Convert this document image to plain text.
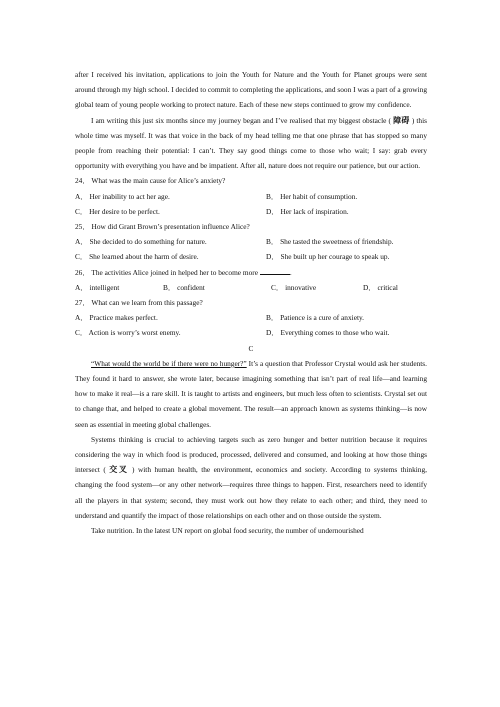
after I received his invitation, applications to join the Youth for Nature and the Youth for Planet groups were sent around through my high school. I decided to commit to completing the applications, and soon I was a part of a growing global team of young people working to protect nature. Each of these new steps continued to grow my confidence.

I am writing this just six months since my journey began and I’ve realised that my biggest obstacle ( 障碍 ) this whole time was myself. It was that voice in the back of my head telling me that one phrase that has stopped so many people from reaching their potential: I can’t. They say good things come to those who wait; I say: grab every opportunity with everything you have and be impatient. After all, nature does not require our patience, but our action.

24． What was the main cause for Alice’s anxiety?

A． Her inability to act her age.	B． Her habit of consumption.
C． Her desire to be perfect.	D． Her lack of inspiration.

25． How did Grant Brown’s presentation influence Alice?

A． She decided to do something for nature.	B． She tasted the sweetness of friendship.
C． She learned about the harm of desire.	D． She built up her courage to speak up.

26． The activities Alice joined in helped her to become more	.

A． intelligent	B． confident	C． innovative	D． critical

27． What can we learn from this passage?

A． Practice makes perfect.	B． Patience is a cure of anxiety.
C． Action is worry’s worst enemy.	D． Everything comes to those who wait.

C

“What would the world be if there were no hunger?” It’s a question that Professor Crystal would ask her students. They found it hard to answer, she wrote later, because imagining something that isn’t part of real life—and learning how to make it real—is a rare skill. It is taught to artists and engineers, but much less often to scientists. Crystal set out to change that, and helped to create a global movement. The result—an approach known as systems thinking—is now seen as essential in meeting global challenges.

Systems thinking is crucial to achieving targets such as zero hunger and better nutrition because it requires considering the way in which food is produced, processed, delivered and consumed, and looking at how those things intersect ( 交叉 ) with human health, the environment, economics and society. According to systems thinking, changing the food system—or any other network—requires three things to happen. First, researchers need to identify all the players in that system; second, they must work out how they relate to each other; and third, they need to understand and quantify the impact of those relationships on each other and on those outside the system.

Take nutrition. In the latest UN report on global food security, the number of undernourished
